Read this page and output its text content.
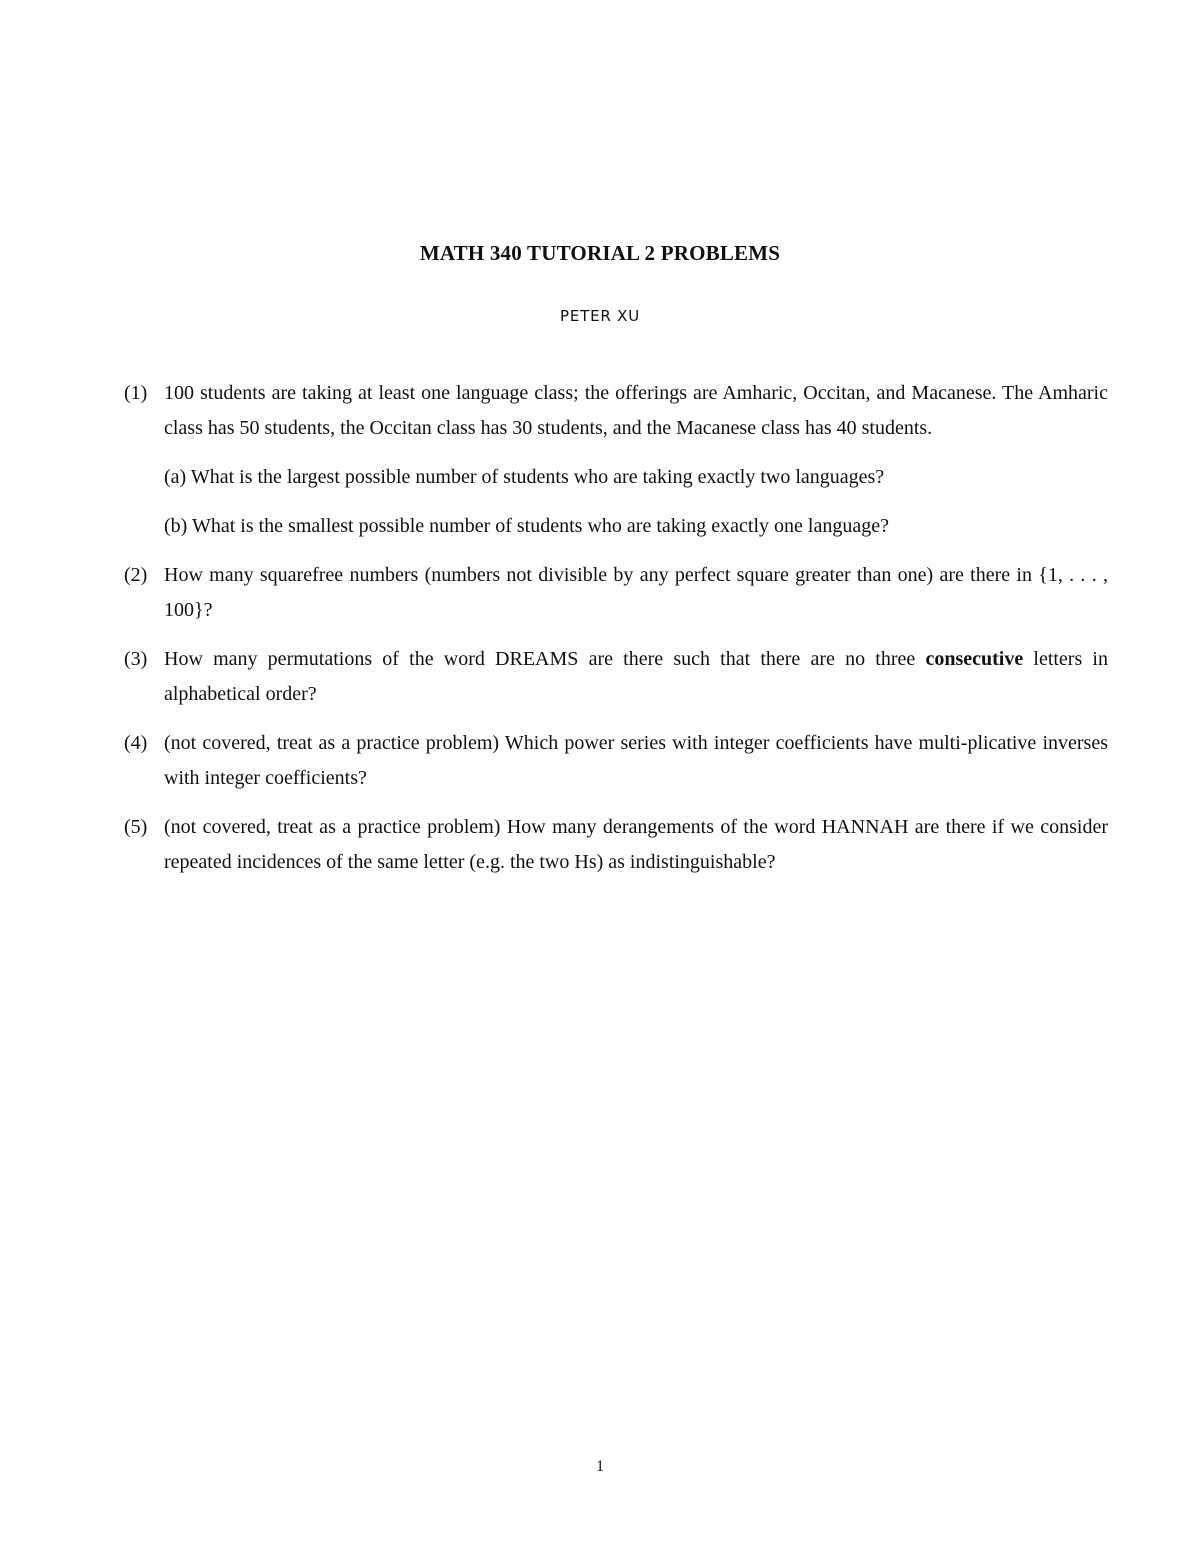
MATH 340 TUTORIAL 2 PROBLEMS
PETER XU
(1) 100 students are taking at least one language class; the offerings are Amharic, Occitan, and Macanese. The Amharic class has 50 students, the Occitan class has 30 students, and the Macanese class has 40 students.
(a) What is the largest possible number of students who are taking exactly two languages?
(b) What is the smallest possible number of students who are taking exactly one language?
(2) How many squarefree numbers (numbers not divisible by any perfect square greater than one) are there in {1, . . . , 100}?
(3) How many permutations of the word DREAMS are there such that there are no three consecutive letters in alphabetical order?
(4) (not covered, treat as a practice problem) Which power series with integer coefficients have multi-plicative inverses with integer coefficients?
(5) (not covered, treat as a practice problem) How many derangements of the word HANNAH are there if we consider repeated incidences of the same letter (e.g. the two Hs) as indistinguishable?
1
